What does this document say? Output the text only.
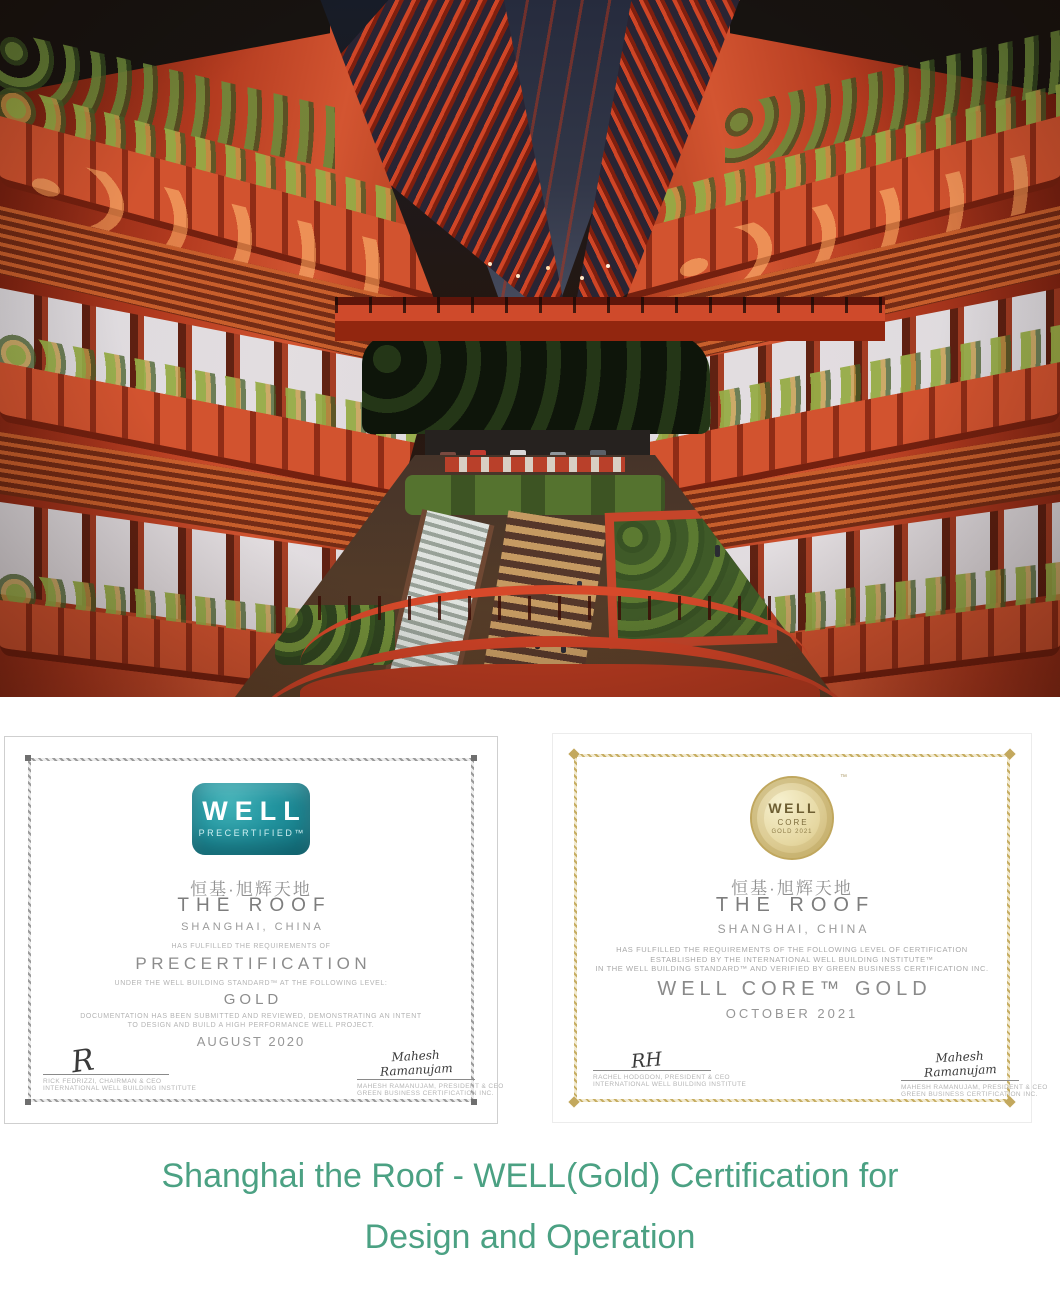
WELL
PRECERTIFIED™
恒基·旭辉天地
THE ROOF
SHANGHAI, CHINA
HAS FULFILLED THE REQUIREMENTS OF
PRECERTIFICATION
UNDER THE WELL BUILDING STANDARD™ AT THE FOLLOWING LEVEL:
GOLD
DOCUMENTATION HAS BEEN SUBMITTED AND REVIEWED, DEMONSTRATING AN INTENT
TO DESIGN AND BUILD A HIGH PERFORMANCE WELL PROJECT.
AUGUST 2020
R
RICK FEDRIZZI, CHAIRMAN & CEO
INTERNATIONAL WELL BUILDING INSTITUTE
Mahesh Ramanujam
MAHESH RAMANUJAM, PRESIDENT & CEO
GREEN BUSINESS CERTIFICATION INC.
WELL
CORE
GOLD 2021
™
恒基·旭辉天地
THE ROOF
SHANGHAI, CHINA
HAS FULFILLED THE REQUIREMENTS OF THE FOLLOWING LEVEL OF CERTIFICATION
ESTABLISHED BY THE INTERNATIONAL WELL BUILDING INSTITUTE™
IN THE WELL BUILDING STANDARD™ AND VERIFIED BY GREEN BUSINESS CERTIFICATION INC.
WELL CORE™ GOLD
OCTOBER 2021
RH
RACHEL HODGDON, PRESIDENT & CEO
INTERNATIONAL WELL BUILDING INSTITUTE
Mahesh Ramanujam
MAHESH RAMANUJAM, PRESIDENT & CEO
GREEN BUSINESS CERTIFICATION INC.
Shanghai the Roof - WELL(Gold) Certification for
Design and Operation
